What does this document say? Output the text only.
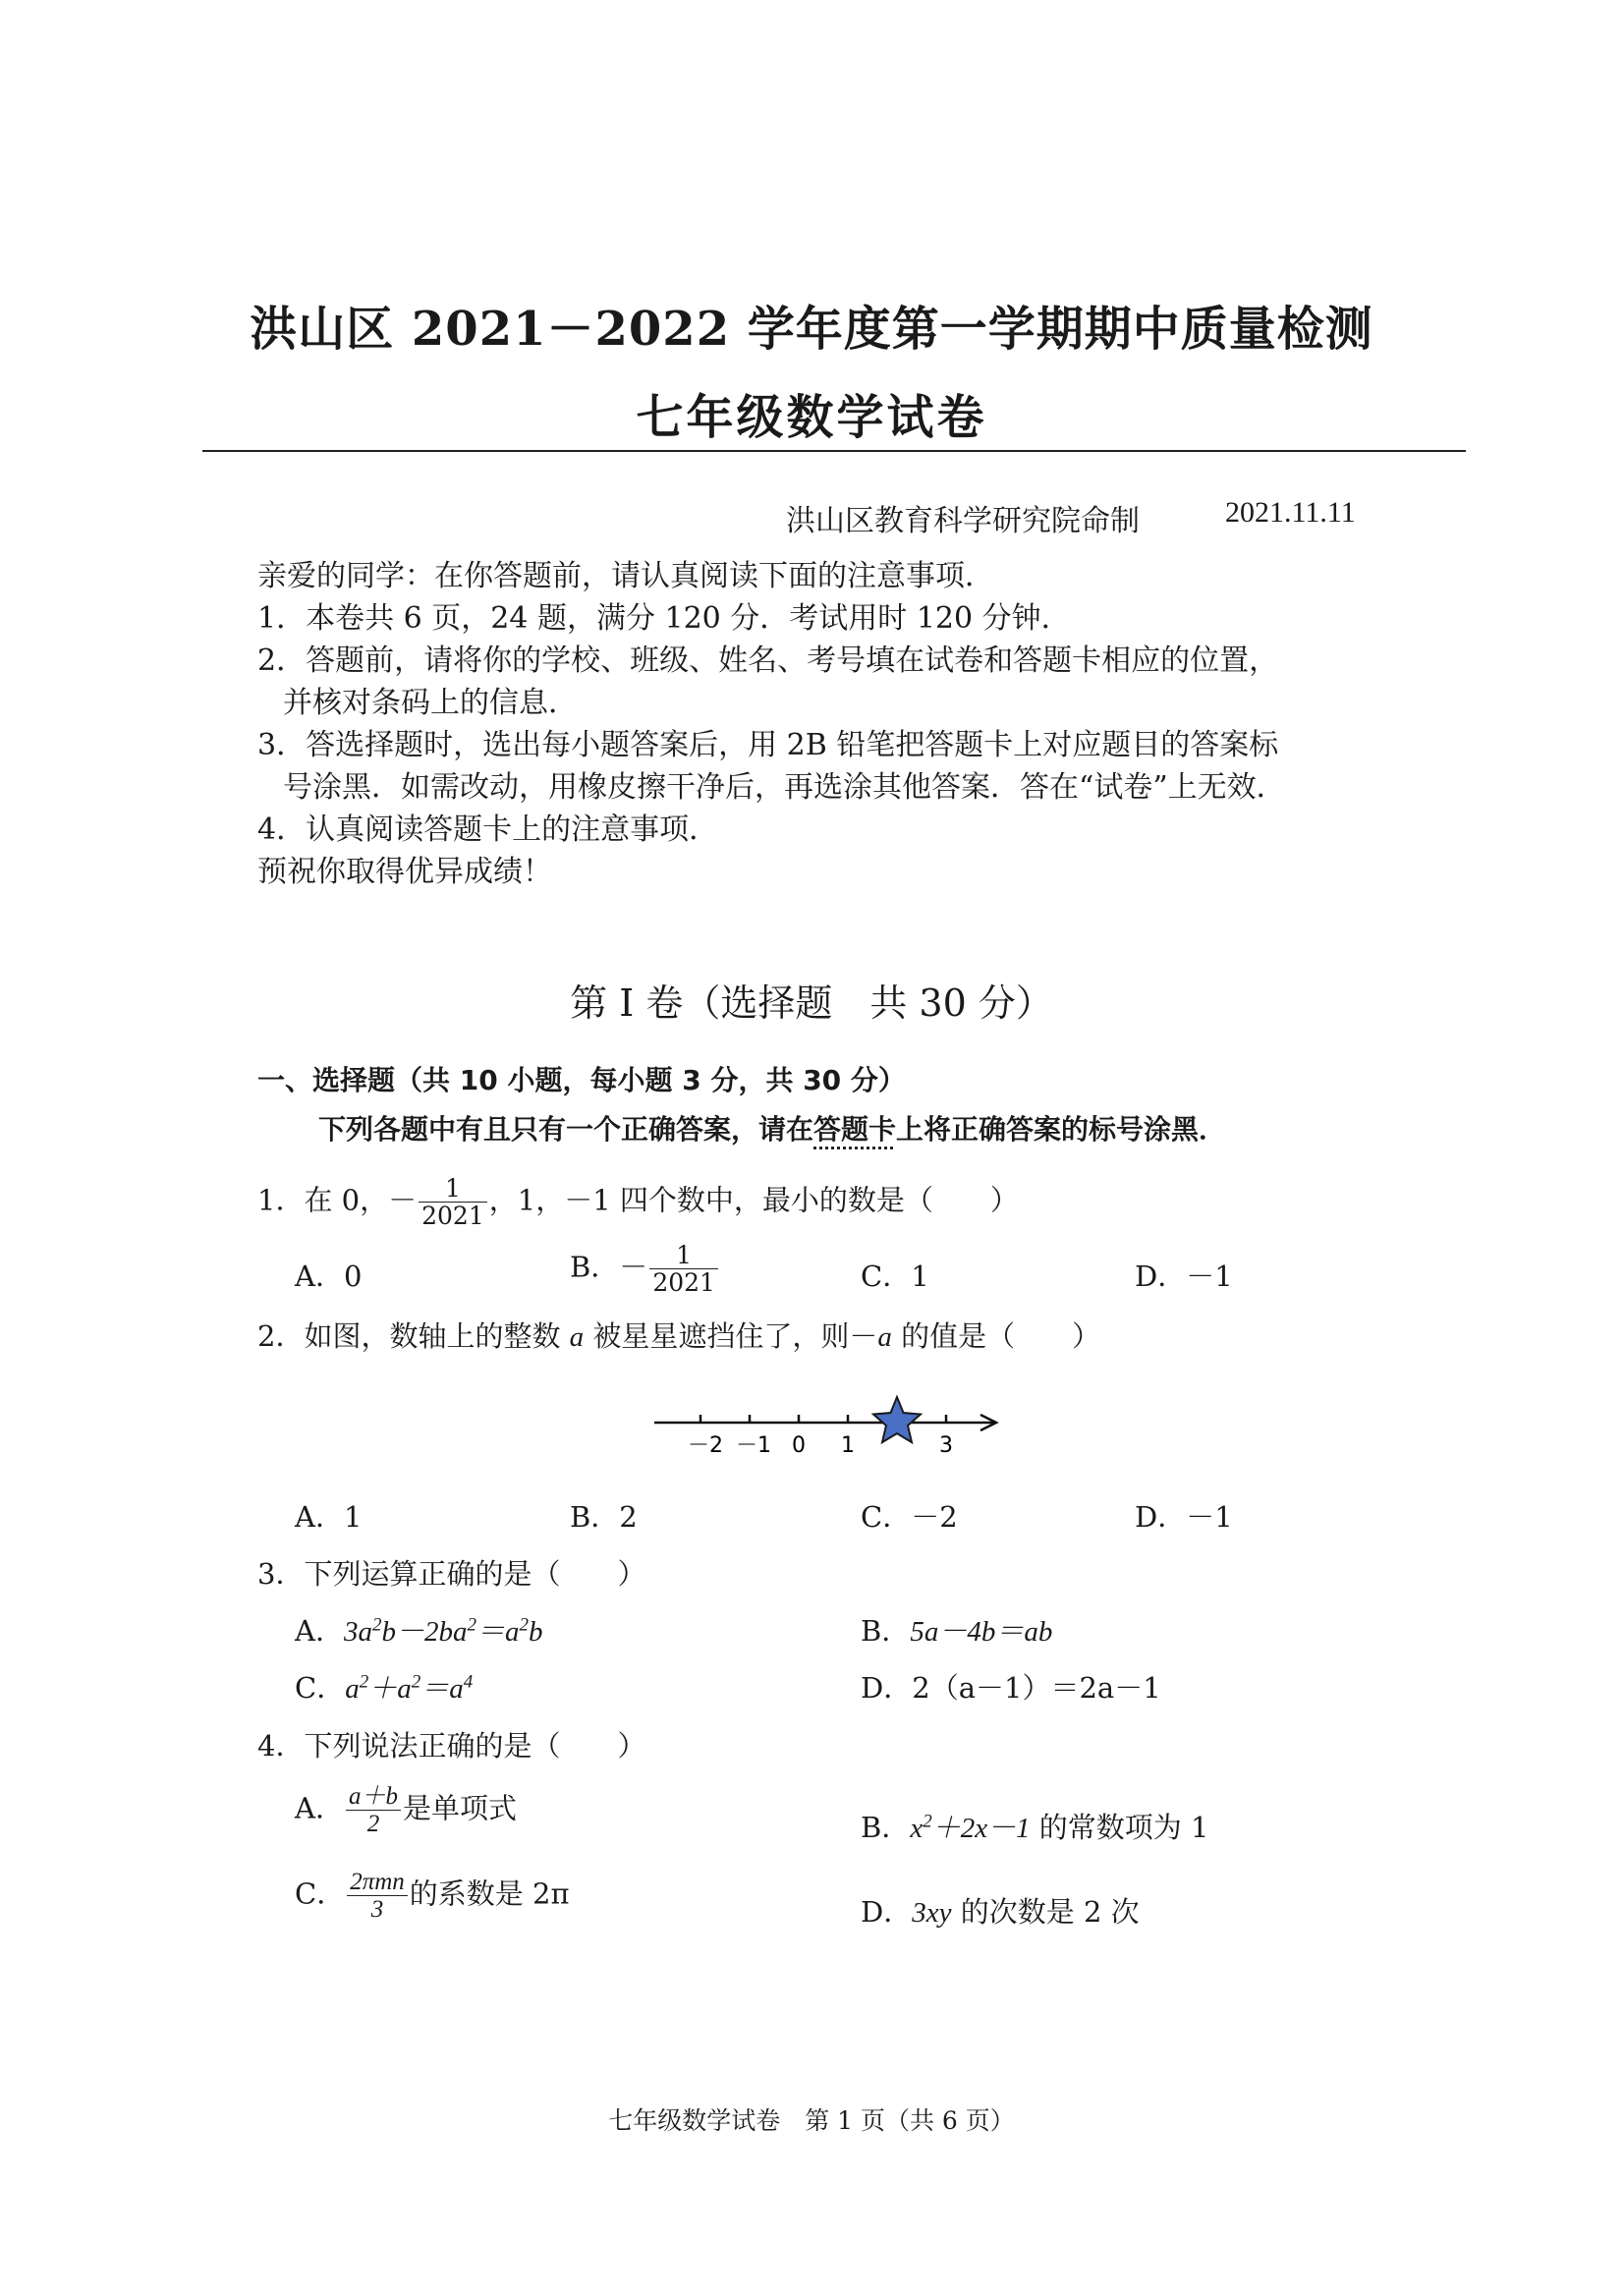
洪山区 2021－2022 学年度第一学期期中质量检测
七年级数学试卷
洪山区教育科学研究院命制	2021.11.11
亲爱的同学：在你答题前，请认真阅读下面的注意事项．
1．本卷共 6 页，24 题，满分 120 分．考试用时 120 分钟．
2．答题前，请将你的学校、班级、姓名、考号填在试卷和答题卡相应的位置，
并核对条码上的信息．
3．答选择题时，选出每小题答案后，用 2B 铅笔把答题卡上对应题目的答案标
号涂黑．如需改动，用橡皮擦干净后，再选涂其他答案．答在“试卷”上无效．
4．认真阅读答题卡上的注意事项．
预祝你取得优异成绩！
第 I 卷（选择题　共 30 分）
一、选择题（共 10 小题，每小题 3 分，共 30 分）
下列各题中有且只有一个正确答案，请在答题卡上将正确答案的标号涂黑．
1．在 0，－ $\frac{1}{2021}$ ，1，－1 四个数中，最小的数是（　　）
A．0	B．－ $\frac{1}{2021}$	C．1	D．－1
2．如图，数轴上的整数 a 被星星遮挡住了，则－a 的值是（　　）
－2 －1 0 1	3
A．1	B．2	C．－2	D．－1
3．下列运算正确的是（　　）
A．$3a^2b-2ba^2=a^2b$	B．5a－4b＝ab
C．$a^2+a^2=a^4$	D．2（a－1）＝2a－1
4．下列说法正确的是（　　）
A． $\frac{a+b}{2}$ 是单项式
B．$x^2+2x-1$ 的常数项为 1
C． $\frac{\text{2πmn}}{3}$ 的系数是 2π
D．3xy 的次数是 2 次
七年级数学试卷　第 1 页（共 6 页）
